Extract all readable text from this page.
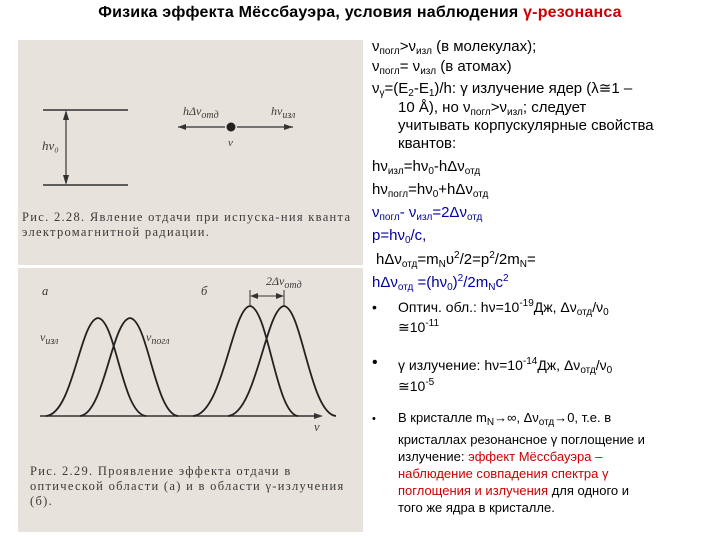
Физика эффекта Мёссбауэра, условия наблюдения γ-резонанса
hν₀
hΔν$_{отд}$	$h\nu_{изл}$
v
Рис. 2.28. Явление отдачи при испуска-ния кванта электромагнитной радиации.
а	б
$2\Delta\nu_{отд}$
$\nu_{изл}$	$\nu_{погл}$
ν
Рис. 2.29. Проявление эффекта отдачи в оптической области (а) и в области γ-излучения (б).
$\nu_{погл}>\nu_{изл}$ (в молекулах);
$\nu_{погл}= \nu_{изл}$ (в атомах)
$\nu_\gamma=(E_2-E_1)/h$: γ излучение ядер (λ≅1 –
10 Å), но $\nu_{погл}>\nu_{изл}$; следует
учитывать корпускулярные свойства
квантов:
$h\nu_{изл}=h\nu_0-h\Delta\nu_{отд}$
$h\nu_{погл}=h\nu_0+h\Delta\nu_{отд}$
$\nu_{погл}-$ $\nu_{изл}=2\Delta\nu_{отд}$
$p=h\nu_0/c$,
$h\Delta\nu_{отд}=m_N\upsilon^2/2=p^2/2m_N=$
$h\Delta\nu_{отд} =(h\nu_0)^2/2m_Nc^2$
• Оптич. обл.: $h\nu=10^{-19}Дж$, $\Delta\nu_{отд}/\nu_0$
$≅10^{-11}$
• γ излучение: $h\nu=10^{-14}Дж$, $\Delta\nu_{отд}/\nu_0$
$≅10^{-5}$
• В кристалле $m_N\to\infty$, $\Delta\nu_{отд}\to 0$, т.е. в
кристаллах резонансное γ поглощение и
излучение: эффект Мёссбауэра –
наблюдение совпадения спектра γ
поглощения и излучения для одного и
того же ядра в кристалле.
